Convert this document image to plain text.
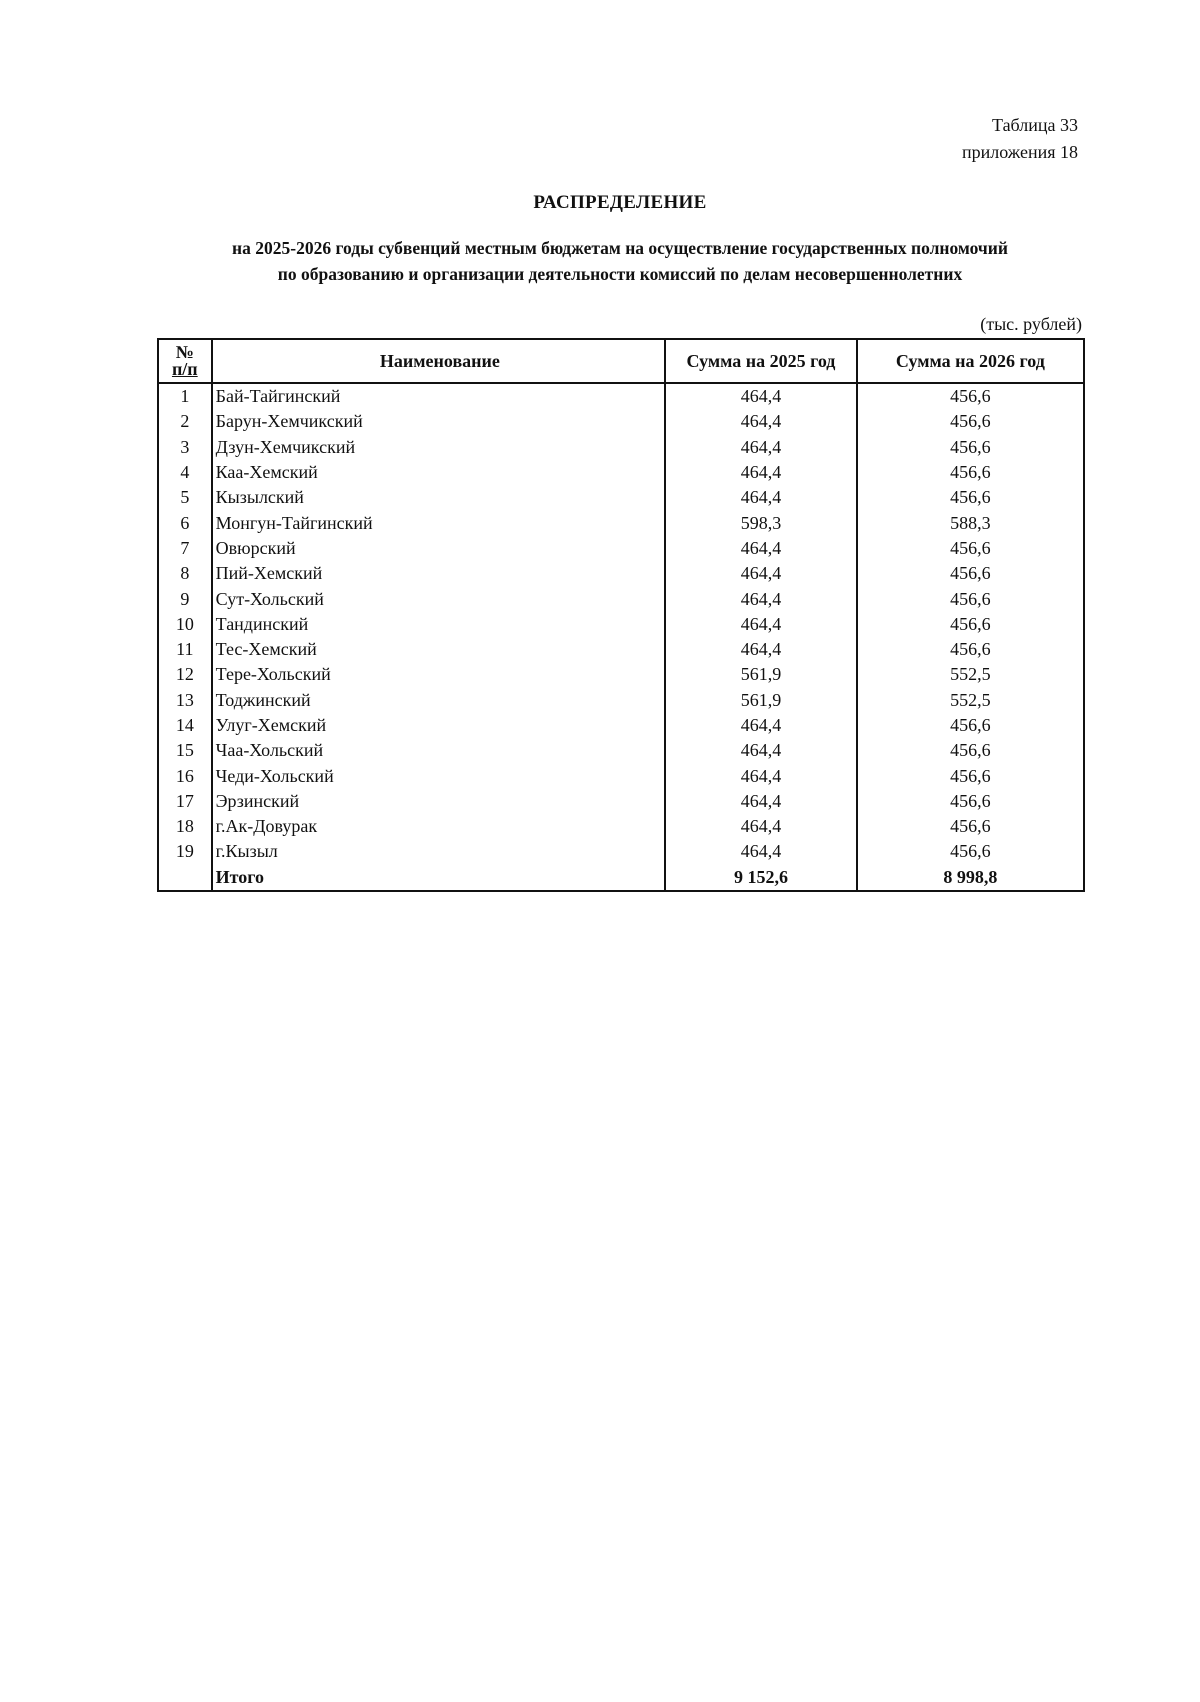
Таблица 33
приложения 18
РАСПРЕДЕЛЕНИЕ
на 2025-2026 годы субвенций местным бюджетам на осуществление государственных полномочий
по образованию и организации деятельности комиссий по делам несовершеннолетних
(тыс. рублей)
№
п/п	Наименование	Сумма на 2025 год	Сумма на 2026 год
1	Бай-Тайгинский	464,4	456,6
2	Барун-Хемчикский	464,4	456,6
3	Дзун-Хемчикский	464,4	456,6
4	Каа-Хемский	464,4	456,6
5	Кызылский	464,4	456,6
6	Монгун-Тайгинский	598,3	588,3
7	Овюрский	464,4	456,6
8	Пий-Хемский	464,4	456,6
9	Сут-Хольский	464,4	456,6
10	Тандинский	464,4	456,6
11	Тес-Хемский	464,4	456,6
12	Тере-Хольский	561,9	552,5
13	Тоджинский	561,9	552,5
14	Улуг-Хемский	464,4	456,6
15	Чаа-Хольский	464,4	456,6
16	Чеди-Хольский	464,4	456,6
17	Эрзинский	464,4	456,6
18	г.Ак-Довурак	464,4	456,6
19	г.Кызыл	464,4	456,6
	Итого	9 152,6	8 998,8
